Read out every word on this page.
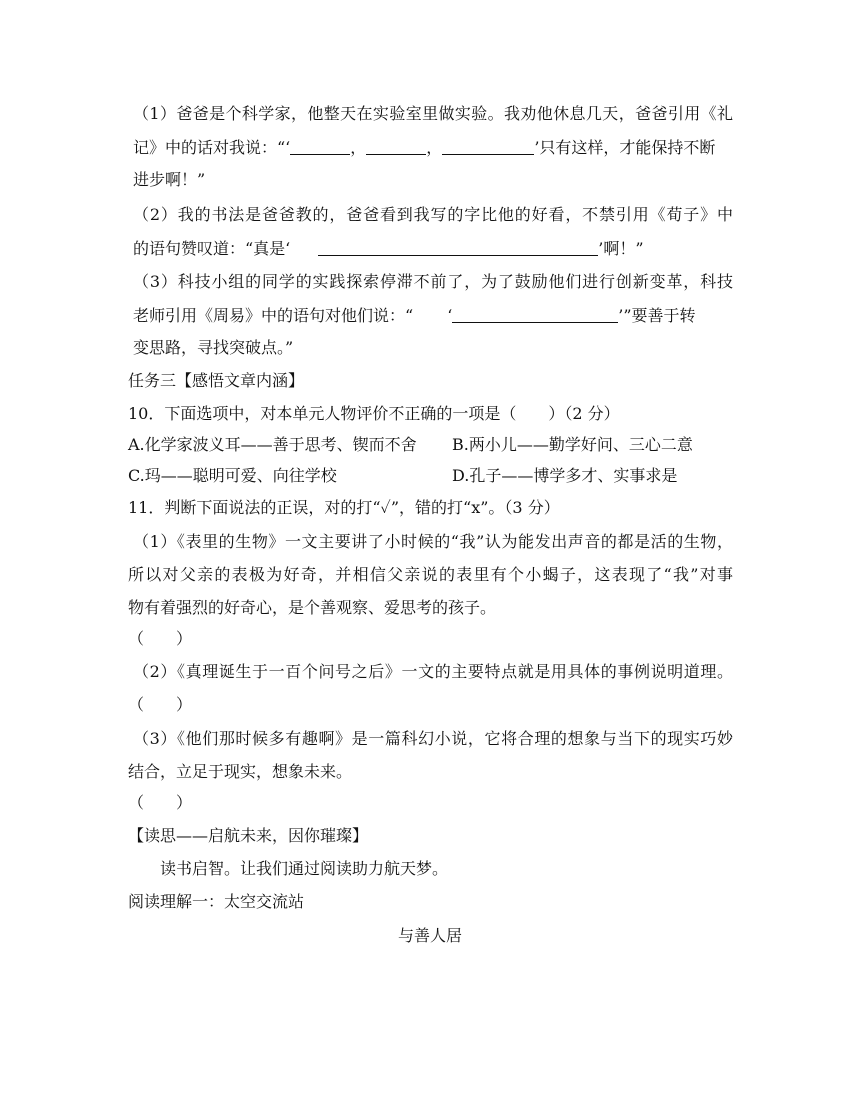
（1）爸爸是个科学家，他整天在实验室里做实验。我劝他休息几天，爸爸引用《礼
记》中的话对我说：“‘	，	，	’只有这样，才能保持不断
进步啊！”
（2）我的书法是爸爸教的，爸爸看到我写的字比他的好看，不禁引用《荀子》中
的语句赞叹道：“真是‘	’啊！”
（3）科技小组的同学的实践探索停滞不前了，为了鼓励他们进行创新变革，科技
老师引用《周易》中的语句对他们说：“ ‘	’”要善于转
变思路，寻找突破点。”
任务三【感悟文章内涵】
10．下面选项中，对本单元人物评价不正确的一项是（　　）（2 分）
A.化学家波义耳——善于思考、锲而不舍 B.两小儿——勤学好问、三心二意
C.玛——聪明可爱、向往学校	D.孔子——博学多才、实事求是
11．判断下面说法的正误，对的打“✓”，错的打“x”。（3 分）
（1）《表里的生物》一文主要讲了小时候的“我”认为能发出声音的都是活的生物，
所以对父亲的表极为好奇，并相信父亲说的表里有个小蝎子，这表现了“我”对事
物有着强烈的好奇心，是个善观察、爱思考的孩子。
（　　）
（2）《真理诞生于一百个问号之后》一文的主要特点就是用具体的事例说明道理。
（　　）
（3）《他们那时候多有趣啊》是一篇科幻小说，它将合理的想象与当下的现实巧妙
结合，立足于现实，想象未来。
（　　）
【读思——启航未来，因你璀璨】
读书启智。让我们通过阅读助力航天梦。
阅读理解一：太空交流站
与善人居
